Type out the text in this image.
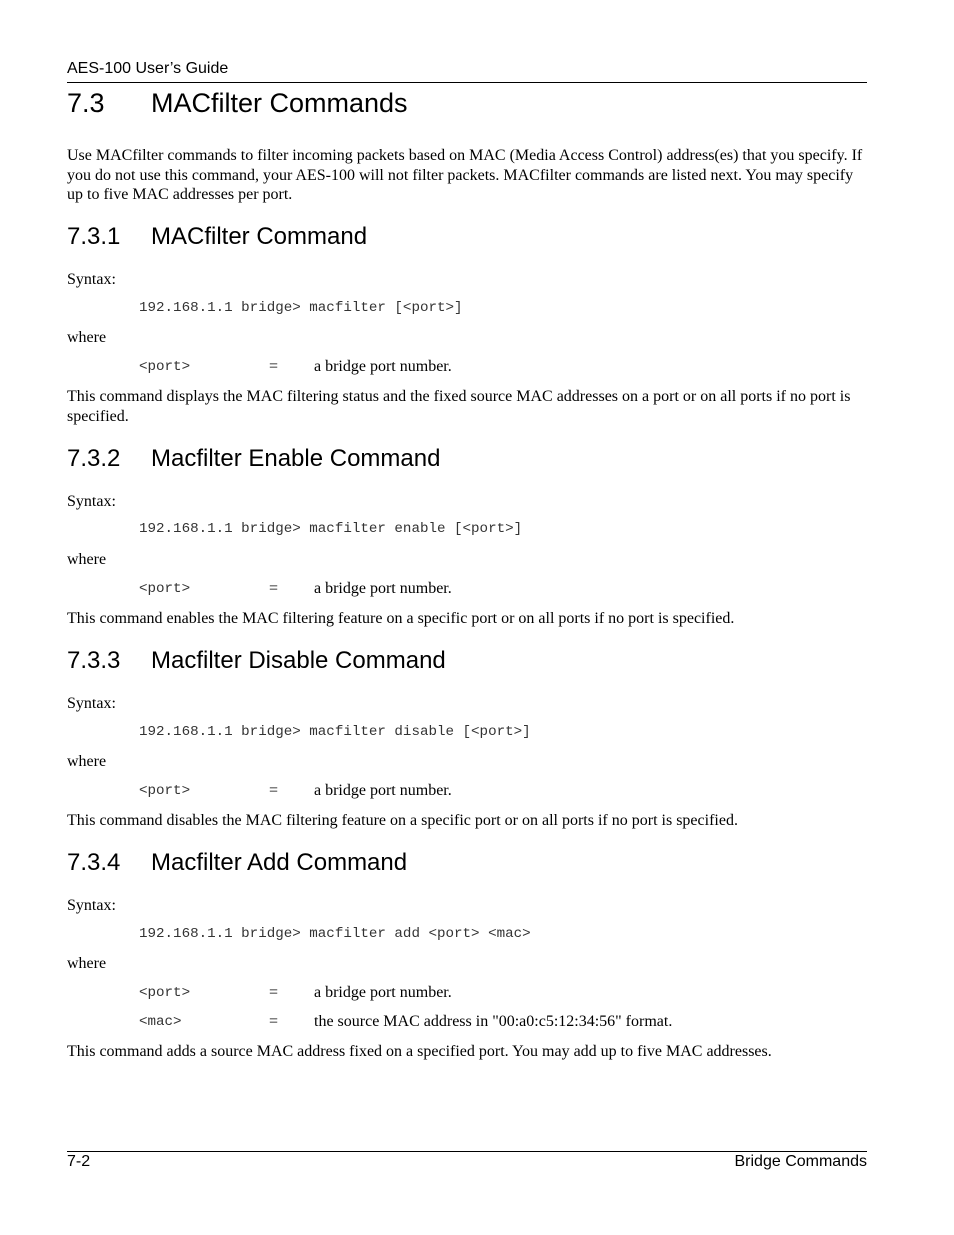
AES-100 User’s Guide
7.3 MACfilter Commands
Use MACfilter commands to filter incoming packets based on MAC (Media Access Control) address(es) that you specify. If you do not use this command, your AES-100 will not filter packets. MACfilter commands are listed next. You may specify up to five MAC addresses per port.
7.3.1 MACfilter Command
Syntax:
192.168.1.1 bridge> macfilter [<port>]
where
<port>	= a bridge port number.
This command displays the MAC filtering status and the fixed source MAC addresses on a port or on all ports if no port is specified.
7.3.2 Macfilter Enable Command
Syntax:
192.168.1.1 bridge> macfilter enable [<port>]
where
<port>	= a bridge port number.
This command enables the MAC filtering feature on a specific port or on all ports if no port is specified.
7.3.3 Macfilter Disable Command
Syntax:
192.168.1.1 bridge> macfilter disable [<port>]
where
<port>	= a bridge port number.
This command disables the MAC filtering feature on a specific port or on all ports if no port is specified.
7.3.4 Macfilter Add Command
Syntax:
192.168.1.1 bridge> macfilter add <port> <mac>
where
<port>	= a bridge port number.
<mac>	= the source MAC address in "00:a0:c5:12:34:56" format.
This command adds a source MAC address fixed on a specified port. You may add up to five MAC addresses.
7-2	Bridge Commands
